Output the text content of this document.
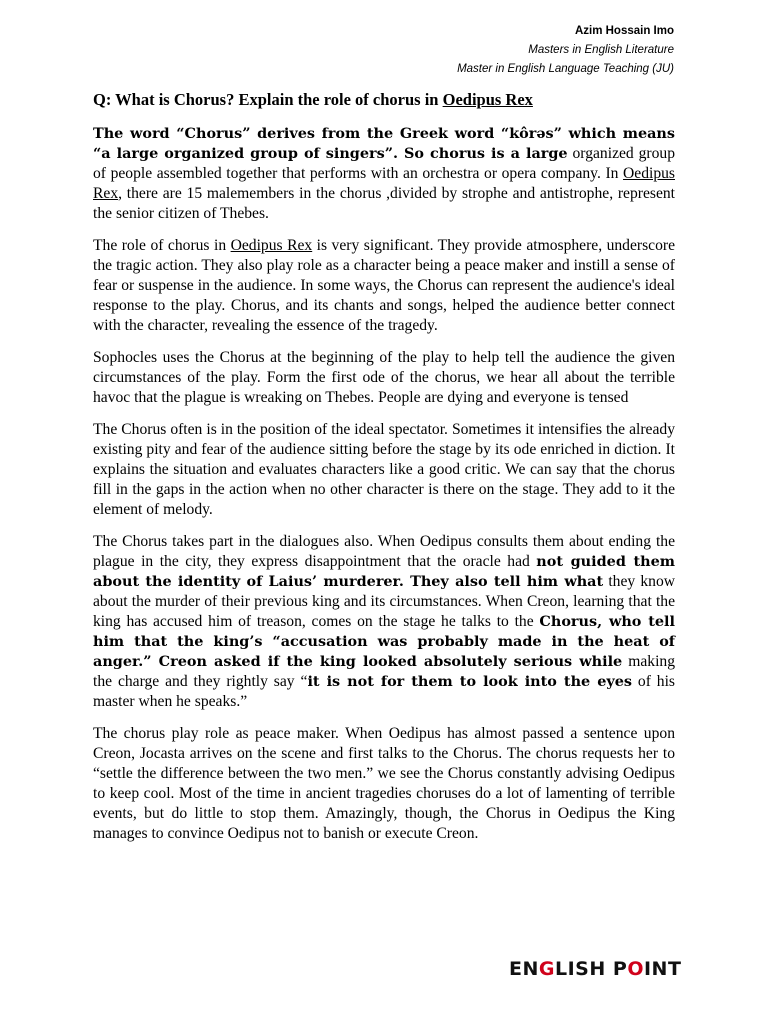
Azim Hossain Imo
Masters in English Literature
Master in English Language Teaching (JU)
Q: What is Chorus? Explain the role of chorus in Oedipus Rex

The word “Chorus” derives from the Greek word “kôrəs” which means “a large organized group of singers”. So chorus is a large organized group of people assembled together that performs with an orchestra or opera company. In Oedipus Rex, there are 15 malemembers in the chorus ,divided by strophe and antistrophe, represent the senior citizen of Thebes.

The role of chorus in Oedipus Rex is very significant. They provide atmosphere, underscore the tragic action. They also play role as a character being a peace maker and instill a sense of fear or suspense in the audience. In some ways, the Chorus can represent the audience's ideal response to the play. Chorus, and its chants and songs, helped the audience better connect with the character, revealing the essence of the tragedy.

Sophocles uses the Chorus at the beginning of the play to help tell the audience the given circumstances of the play. Form the first ode of the chorus, we hear all about the terrible havoc that the plague is wreaking on Thebes. People are dying and everyone is tensed

The Chorus often is in the position of the ideal spectator. Sometimes it intensifies the already existing pity and fear of the audience sitting before the stage by its ode enriched in diction. It explains the situation and evaluates characters like a good critic. We can say that the chorus fill in the gaps in the action when no other character is there on the stage. They add to it the element of melody.

The Chorus takes part in the dialogues also. When Oedipus consults them about ending the plague in the city, they express disappointment that the oracle had not guided them about the identity of Laius’ murderer. They also tell him what they know about the murder of their previous king and its circumstances. When Creon, learning that the king has accused him of treason, comes on the stage he talks to the Chorus, who tell him that the king’s “accusation was probably made in the heat of anger.” Creon asked if the king looked absolutely serious while making the charge and they rightly say “it is not for them to look into the eyes of his master when he speaks.”

The chorus play role as peace maker. When Oedipus has almost passed a sentence upon Creon, Jocasta arrives on the scene and first talks to the Chorus. The chorus requests her to “settle the difference between the two men.” we see the Chorus constantly advising Oedipus to keep cool. Most of the time in ancient tragedies choruses do a lot of lamenting of terrible events, but do little to stop them. Amazingly, though, the Chorus in Oedipus the King manages to convince Oedipus not to banish or execute Creon.

EN G LISH P O INT
